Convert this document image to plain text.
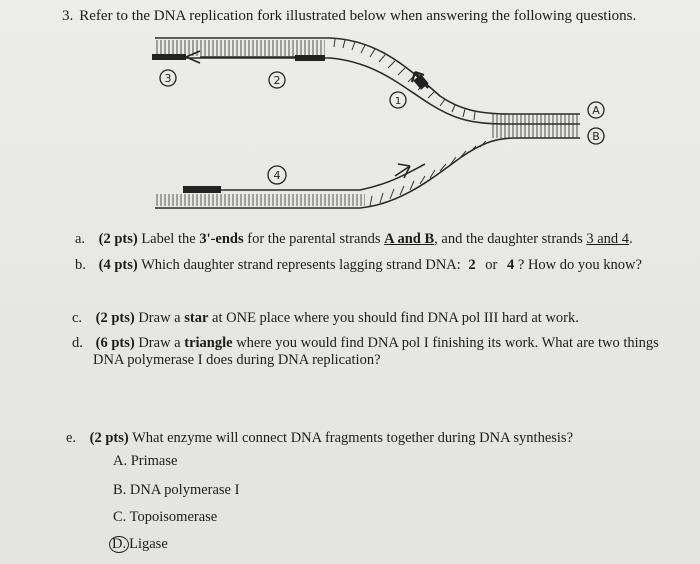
3. Refer to the DNA replication fork illustrated below when answering the following questions.
3	2
1
4
A
B
a. (2 pts) Label the 3'-ends for the parental strands A and B, and the daughter strands 3 and 4.
b. (4 pts) Which daughter strand represents lagging strand DNA: 2 or 4 ? How do you know?
c. (2 pts) Draw a star at ONE place where you should find DNA pol III hard at work.
d. (6 pts) Draw a triangle where you would find DNA pol I finishing its work. What are two things
DNA polymerase I does during DNA replication?
e. (2 pts) What enzyme will connect DNA fragments together during DNA synthesis?
A. Primase
B. DNA polymerase I
C. Topoisomerase
D. Ligase
